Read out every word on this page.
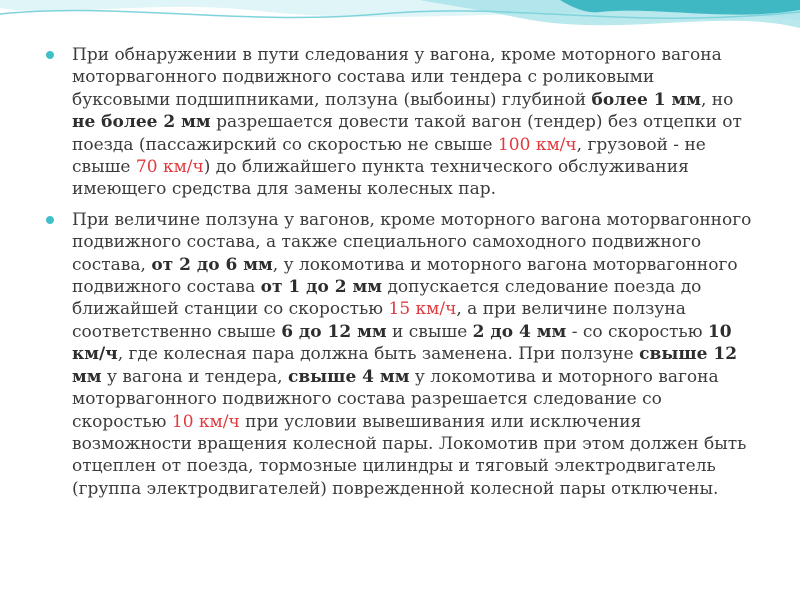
При обнаружении в пути следования у вагона, кроме моторного вагона моторвагонного подвижного состава или тендера с роликовыми буксовыми подшипниками, ползуна (выбоины) глубиной более 1 мм, но не более 2 мм разрешается довести такой вагон (тендер) без отцепки от поезда (пассажирский со скоростью не свыше 100 км/ч, грузовой - не свыше 70 км/ч) до ближайшего пункта технического обслуживания имеющего средства для замены колесных пар.
При величине ползуна у вагонов, кроме моторного вагона моторвагонного подвижного состава, а также специального самоходного подвижного состава, от 2 до 6 мм, у локомотива и моторного вагона моторвагонного подвижного состава от 1 до 2 мм допускается следование поезда до ближайшей станции со скоростью 15 км/ч, а при величине ползуна соответственно свыше 6 до 12 мм и свыше 2 до 4 мм - со скоростью 10 км/ч, где колесная пара должна быть заменена. При ползуне свыше 12 мм у вагона и тендера, свыше 4 мм у локомотива и моторного вагона моторвагонного подвижного состава разрешается следование со скоростью 10 км/ч при условии вывешивания или исключения возможности вращения колесной пары. Локомотив при этом должен быть отцеплен от поезда, тормозные цилиндры и тяговый электродвигатель (группа электродвигателей) поврежденной колесной пары отключены.
